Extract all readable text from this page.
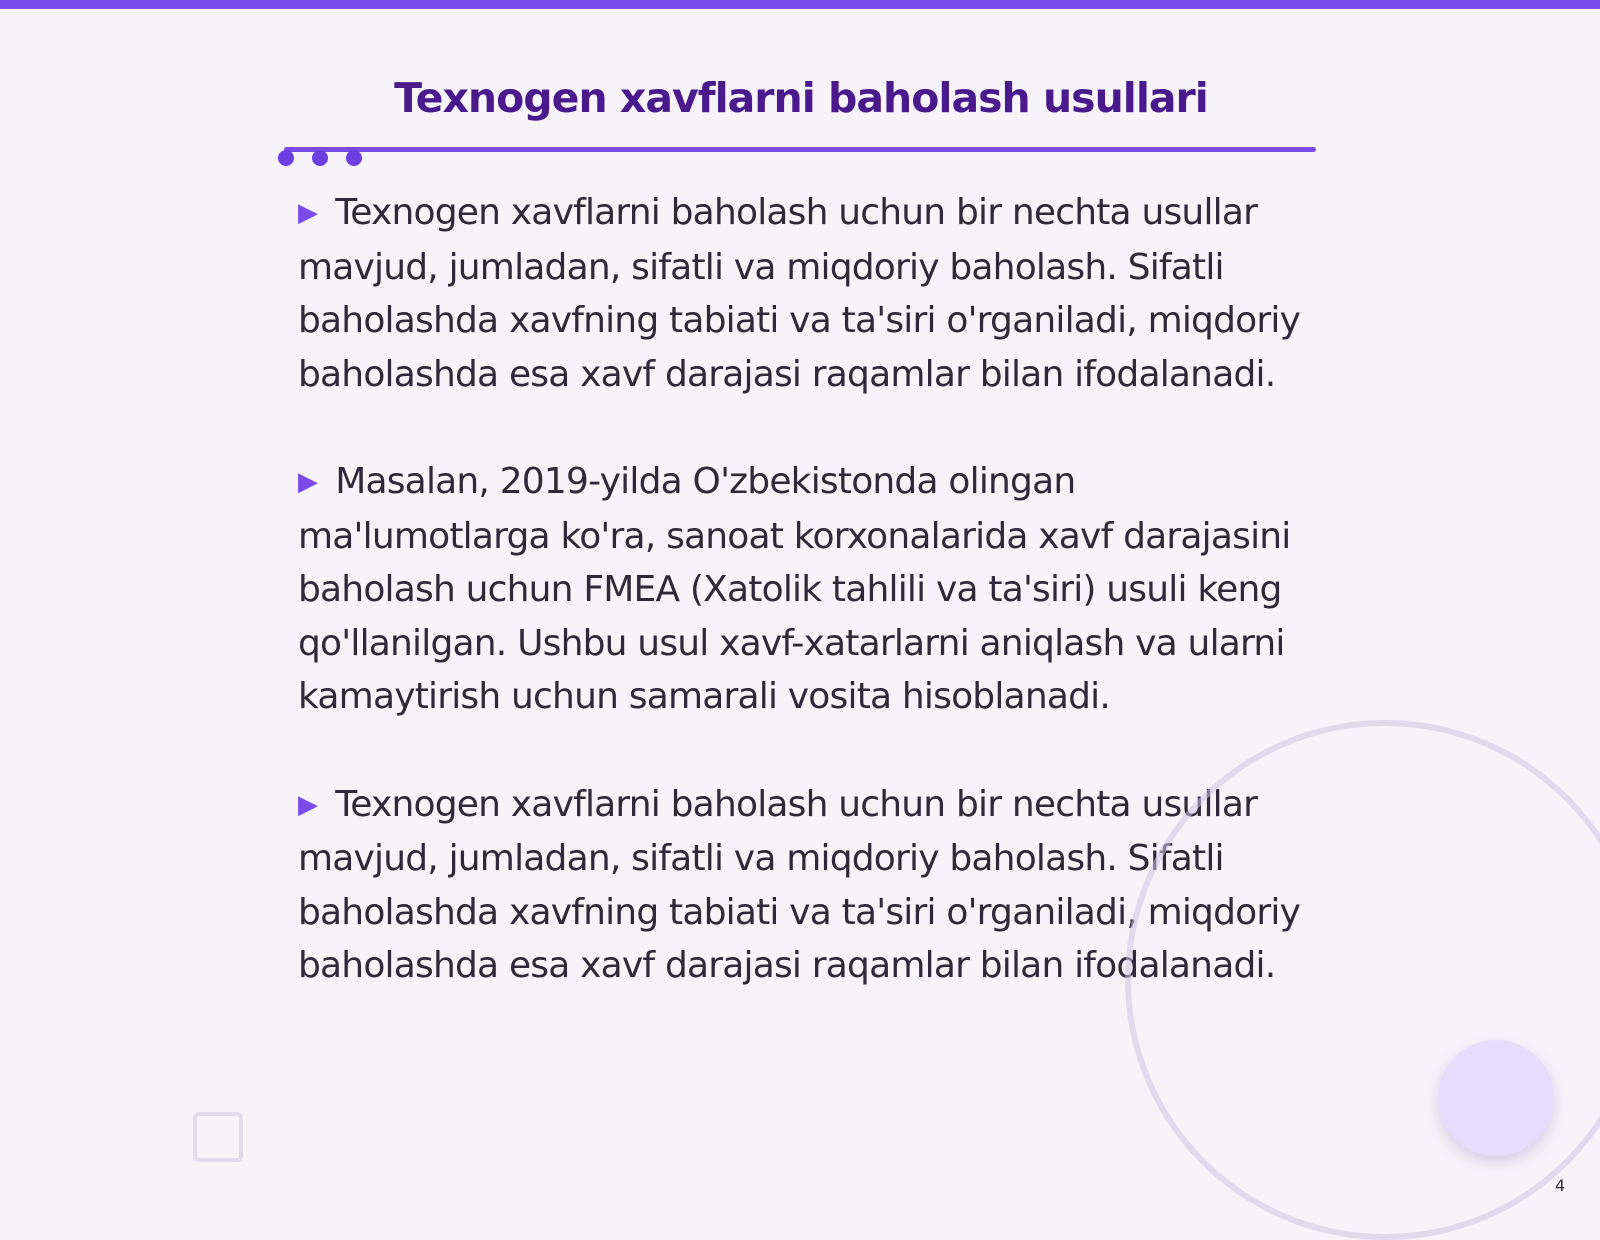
Texnogen xavflarni baholash usullari

▶ Texnogen xavflarni baholash uchun bir nechta usullar mavjud, jumladan, sifatli va miqdoriy baholash. Sifatli baholashda xavfning tabiati va ta'siri o'rganiladi, miqdoriy baholashda esa xavf darajasi raqamlar bilan ifodalanadi.

▶ Masalan, 2019-yilda O'zbekistonda olingan ma'lumotlarga ko'ra, sanoat korxonalarida xavf darajasini baholash uchun FMEA (Xatolik tahlili va ta'siri) usuli keng qo'llanilgan. Ushbu usul xavf-xatarlarni aniqlash va ularni kamaytirish uchun samarali vosita hisoblanadi.

▶ Texnogen xavflarni baholash uchun bir nechta usullar mavjud, jumladan, sifatli va miqdoriy baholash. Sifatli baholashda xavfning tabiati va ta'siri o'rganiladi, miqdoriy baholashda esa xavf darajasi raqamlar bilan ifodalanadi.

4
